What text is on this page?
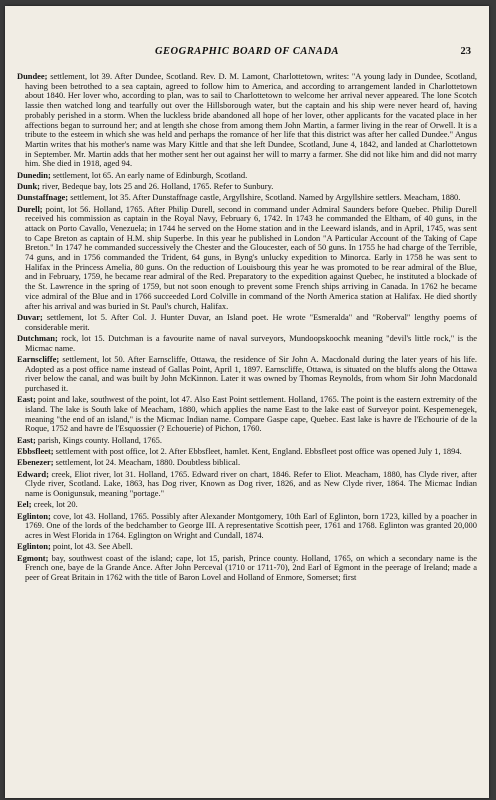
GEOGRAPHIC BOARD OF CANADA	23

Dundee; settlement, lot 39. After Dundee, Scotland. Rev. D. M. Lamont, Charlottetown, writes: "A young lady in Dundee, Scotland, having been betrothed to a sea captain, agreed to follow him to America, and according to arrangement landed in Charlottetown about 1840. Her lover who, according to plan, was to sail to Charlottetown to welcome her arrival never appeared. The lone Scotch lassie then watched long and tearfully out over the Hillsborough water, but the captain and his ship were never heard of, having probably perished in a storm. When the luckless bride abandoned all hope of her lover, other applicants for the vacated place in her affections began to surround her; and at length she chose from among them John Martin, a farmer living in the rear of Orwell. It is a tribute to the esteem in which she was held and perhaps the romance of her life that this district was after her called Dundee." Angus Martin writes that his mother's name was Mary Kittle and that she left Dundee, Scotland, June 4, 1842, and landed at Charlottetown in September. Mr. Martin adds that her mother sent her out against her will to marry a farmer. She did not like him and did not marry him. She died in 1918, aged 94.

Dunedin; settlement, lot 65. An early name of Edinburgh, Scotland.

Dunk; river, Bedeque bay, lots 25 and 26. Holland, 1765. Refer to Sunbury.

Dunstaffnage; settlement, lot 35. After Dunstaffnage castle, Argyllshire, Scotland. Named by Argyllshire settlers. Meacham, 1880.

Durell; point, lot 56. Holland, 1765. After Philip Durell, second in command under Admiral Saunders before Quebec. Philip Durell received his commission as captain in the Royal Navy, February 6, 1742. In 1743 he commanded the Eltham, of 40 guns, in the attack on Porto Cavallo, Venezuela; in 1744 he served on the Home station and in the Leeward islands, and in April, 1745, was sent to Cape Breton as captain of H.M. ship Superbe. In this year he published in London "A Particular Account of the Taking of Cape Breton." In 1747 he commanded successively the Chester and the Gloucester, each of 50 guns. In 1755 he had charge of the Terrible, 74 guns, and in 1756 commanded the Trident, 64 guns, in Byng's unlucky expedition to Minorca. Early in 1758 he was sent to Halifax in the Princess Amelia, 80 guns. On the reduction of Louisbourg this year he was promoted to be rear admiral of the Blue, and in February, 1759, he became rear admiral of the Red. Preparatory to the expedition against Quebec, he instituted a blockade of the St. Lawrence in the spring of 1759, but not soon enough to prevent some French ships arriving in Canada. In 1762 he became vice admiral of the Blue and in 1766 succeeded Lord Colville in command of the North America station at Halifax. He died shortly after his arrival and was buried in St. Paul's church, Halifax.

Duvar; settlement, lot 5. After Col. J. Hunter Duvar, an Island poet. He wrote "Esmeralda" and "Roberval" lengthy poems of considerable merit.

Dutchman; rock, lot 15. Dutchman is a favourite name of naval surveyors, Mundoopskoochk meaning "devil's little rock," is the Micmac name.

Earnscliffe; settlement, lot 50. After Earnscliffe, Ottawa, the residence of Sir John A. Macdonald during the later years of his life. Adopted as a post office name instead of Gallas Point, April 1, 1897. Earnscliffe, Ottawa, is situated on the bluffs along the Ottawa river below the canal, and was built by John McKinnon. Later it was owned by Thomas Reynolds, from whom Sir John Macdonald purchased it.

East; point and lake, southwest of the point, lot 47. Also East Point settlement. Holland, 1765. The point is the eastern extremity of the island. The lake is South lake of Meacham, 1880, which applies the name East to the lake east of Surveyor point. Kespemenegek, meaning "the end of an island," is the Micmac Indian name. Compare Gaspe cape, Quebec. East lake is havre de l'Echourie of de la Roque, 1752 and havre de l'Esquossier (? Echouerie) of Pichon, 1760.

East; parish, Kings county. Holland, 1765.

Ebbsfleet; settlement with post office, lot 2. After Ebbsfleet, hamlet. Kent, England. Ebbsfleet post office was opened July 1, 1894.

Ebenezer; settlement, lot 24. Meacham, 1880. Doubtless biblical.

Edward; creek, Eliot river, lot 31. Holland, 1765. Edward river on chart, 1846. Refer to Eliot. Meacham, 1880, has Clyde river, after Clyde river, Scotland. Lake, 1863, has Dog river, Known as Dog river, 1826, and as New Clyde river, 1864. The Micmac Indian name is Oonigunsuk, meaning "portage."

Eel; creek, lot 20.

Eglinton; cove, lot 43. Holland, 1765. Possibly after Alexander Montgomery, 10th Earl of Eglinton, born 1723, killed by a poacher in 1769. One of the lords of the bedchamber to George III. A representative Scottish peer, 1761 and 1768. Eglinton was granted 20,000 acres in West Florida in 1764. Eglington on Wright and Cundall, 1874.

Eglinton; point, lot 43. See Abell.

Egmont; bay, southwest coast of the island; cape, lot 15, parish, Prince county. Holland, 1765, on which a secondary name is the French one, baye de la Grande Ance. After John Perceval (1710 or 1711-70), 2nd Earl of Egmont in the peerage of Ireland; made a peer of Great Britain in 1762 with the title of Baron Lovel and Holland of Enmore, Somerset; first
